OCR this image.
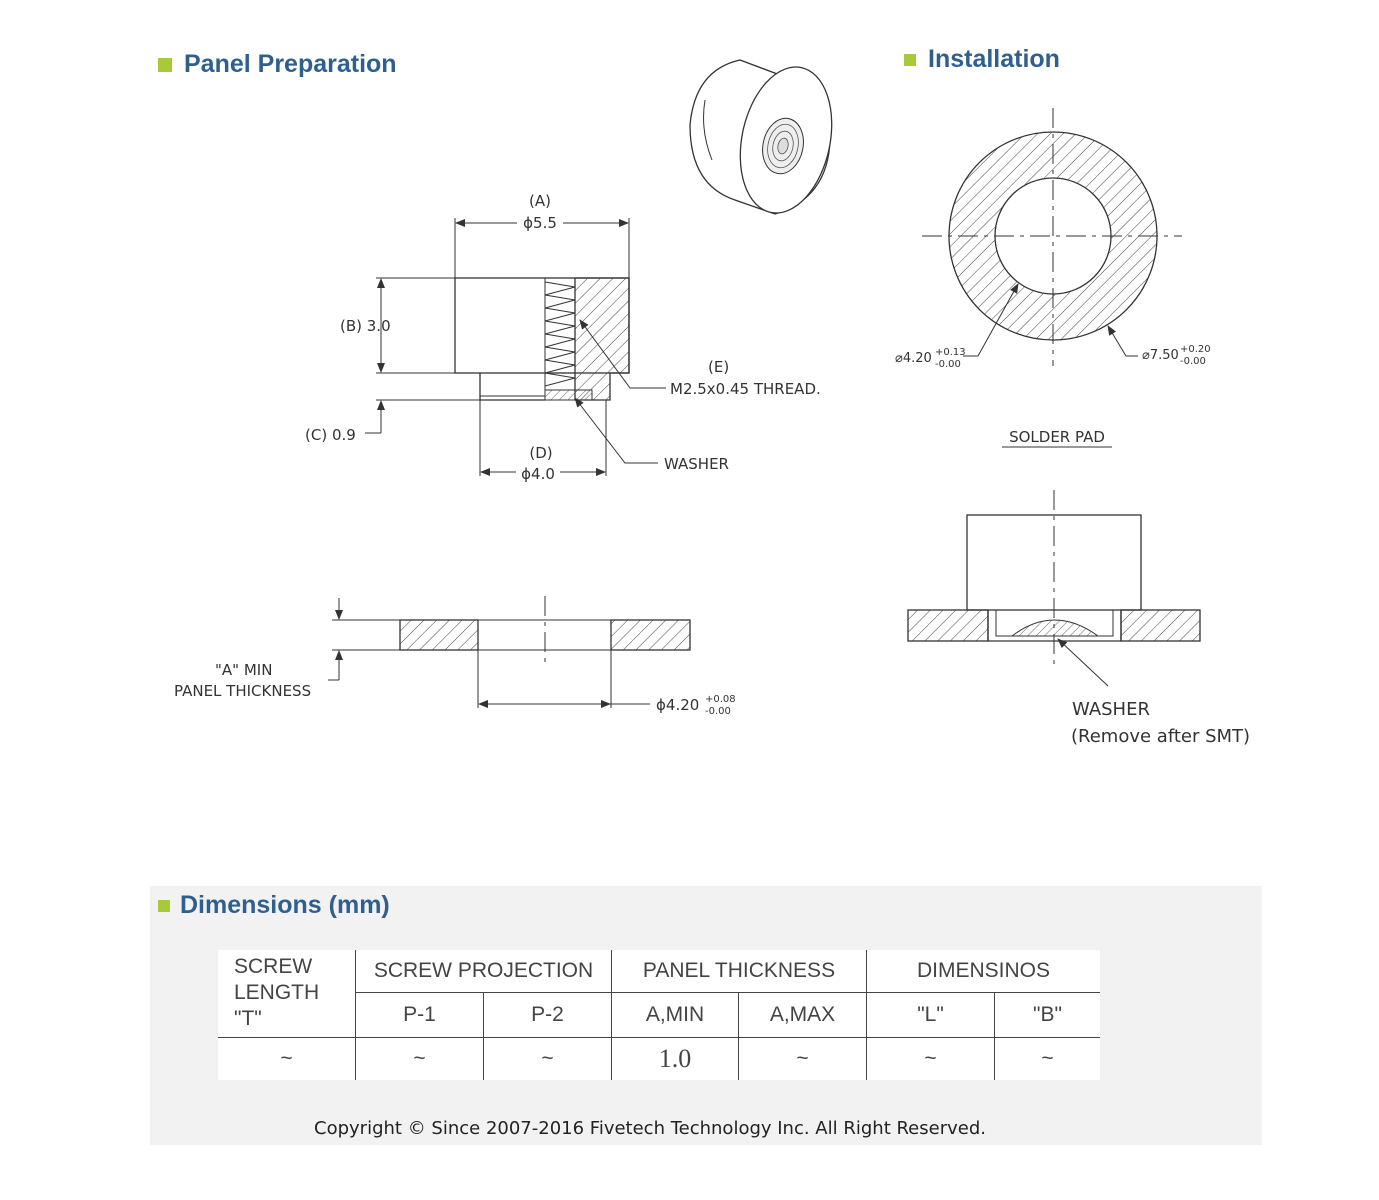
Panel Preparation	Installation
Dimensions (mm)
(A)
ϕ5.5
(B) 3.0
(C) 0.9
(D)
ϕ4.0
(E)
M2.5x0.45 THREAD.
WASHER
"A" MIN
PANEL THICKNESS
ϕ4.20 +0.08
-0.00
⌀4.20 +0.13
-0.00
⌀7.50 +0.20
-0.00
SOLDER PAD
WASHER
(Remove after SMT)
SCREW
LENGTH
"T"	SCREW PROJECTION		PANEL THICKNESS		DIMENSINOS	
	P-1	P-2	A,MIN	A,MAX	"L"	"B"
~	~	~	1.0	~	~	~
Copyright © Since 2007-2016 Fivetech Technology Inc. All Right Reserved.
